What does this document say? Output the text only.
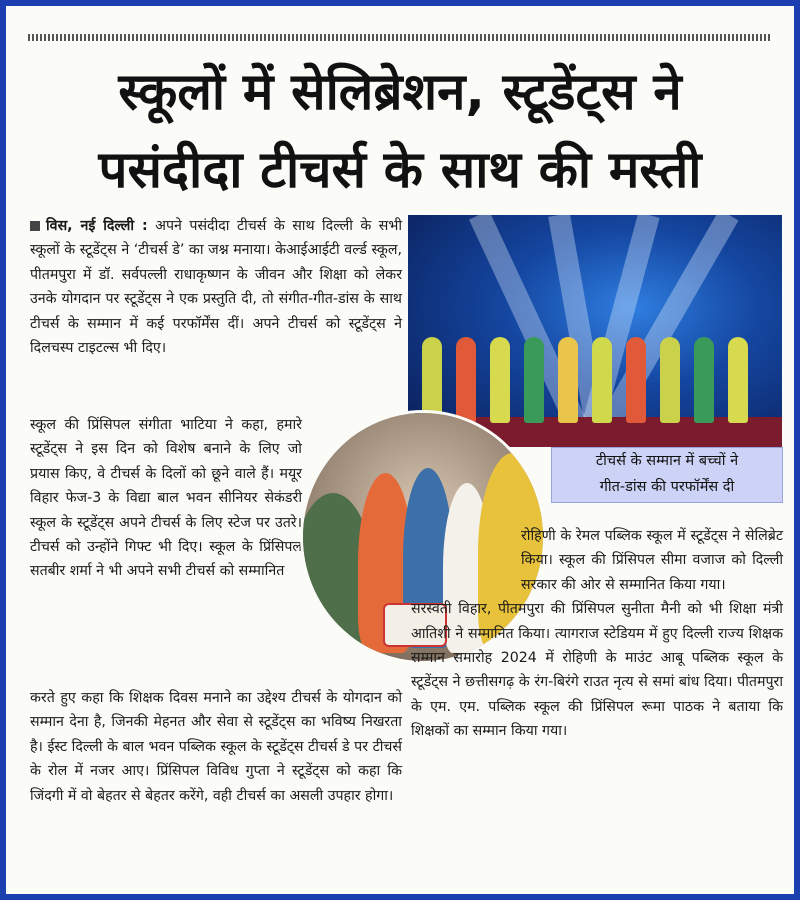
स्कूलों में सेलिब्रेशन, स्टूडेंट्स ने
पसंदीदा टीचर्स के साथ की मस्ती

विस, नई दिल्ली : अपने पसंदीदा टीचर्स के साथ दिल्ली के सभी स्कूलों के स्टूडेंट्स ने ‘टीचर्स डे’ का जश्न मनाया। केआईआईटी वर्ल्ड स्कूल, पीतमपुरा में डॉ. सर्वपल्ली राधाकृष्णन के जीवन और शिक्षा को लेकर उनके योगदान पर स्टूडेंट्स ने एक प्रस्तुति दी, तो संगीत-गीत-डांस के साथ टीचर्स के सम्मान में कई परफॉर्मेंस दीं। अपने टीचर्स को स्टूडेंट्स ने दिलचस्प टाइटल्स भी दिए।

स्कूल की प्रिंसिपल संगीता भाटिया ने कहा, हमारे स्टूडेंट्स ने इस दिन को विशेष बनाने के लिए जो प्रयास किए, वे टीचर्स के दिलों को छूने वाले हैं। मयूर विहार फेज-3 के विद्या बाल भवन सीनियर सेकंडरी स्कूल के स्टूडेंट्स अपने टीचर्स के लिए स्टेज पर उतरे। टीचर्स को उन्होंने गिफ्ट भी दिए। स्कूल के प्रिंसिपल सतबीर शर्मा ने भी अपने सभी टीचर्स को सम्मानित

करते हुए कहा कि शिक्षक दिवस मनाने का उद्देश्य टीचर्स के योगदान को सम्मान देना है, जिनकी मेहनत और सेवा से स्टूडेंट्स का भविष्य निखरता है। ईस्ट दिल्ली के बाल भवन पब्लिक स्कूल के स्टूडेंट्स टीचर्स डे पर टीचर्स के रोल में नजर आए। प्रिंसिपल विविध गुप्ता ने स्टूडेंट्स को कहा कि जिंदगी में वो बेहतर से बेहतर करेंगे, वही टीचर्स का असली उपहार होगा।

टीचर्स के सम्मान में बच्चों ने
गीत-डांस की परफॉर्मेंस दी

रोहिणी के रेमल पब्लिक स्कूल में स्टूडेंट्स ने सेलिब्रेट किया। स्कूल की प्रिंसिपल सीमा वजाज को दिल्ली सरकार की ओर से सम्मानित किया गया।

सरस्वती विहार, पीतमपुरा की प्रिंसिपल सुनीता मैनी को भी शिक्षा मंत्री आतिशी ने सम्मानित किया। त्यागराज स्टेडियम में हुए दिल्ली राज्य शिक्षक सम्मान समारोह 2024 में रोहिणी के माउंट आबू पब्लिक स्कूल के स्टूडेंट्स ने छत्तीसगढ़ के रंग-बिरंगे राउत नृत्य से समां बांध दिया। पीतमपुरा के एम. एम. पब्लिक स्कूल की प्रिंसिपल रूमा पाठक ने बताया कि शिक्षकों का सम्मान किया गया।
